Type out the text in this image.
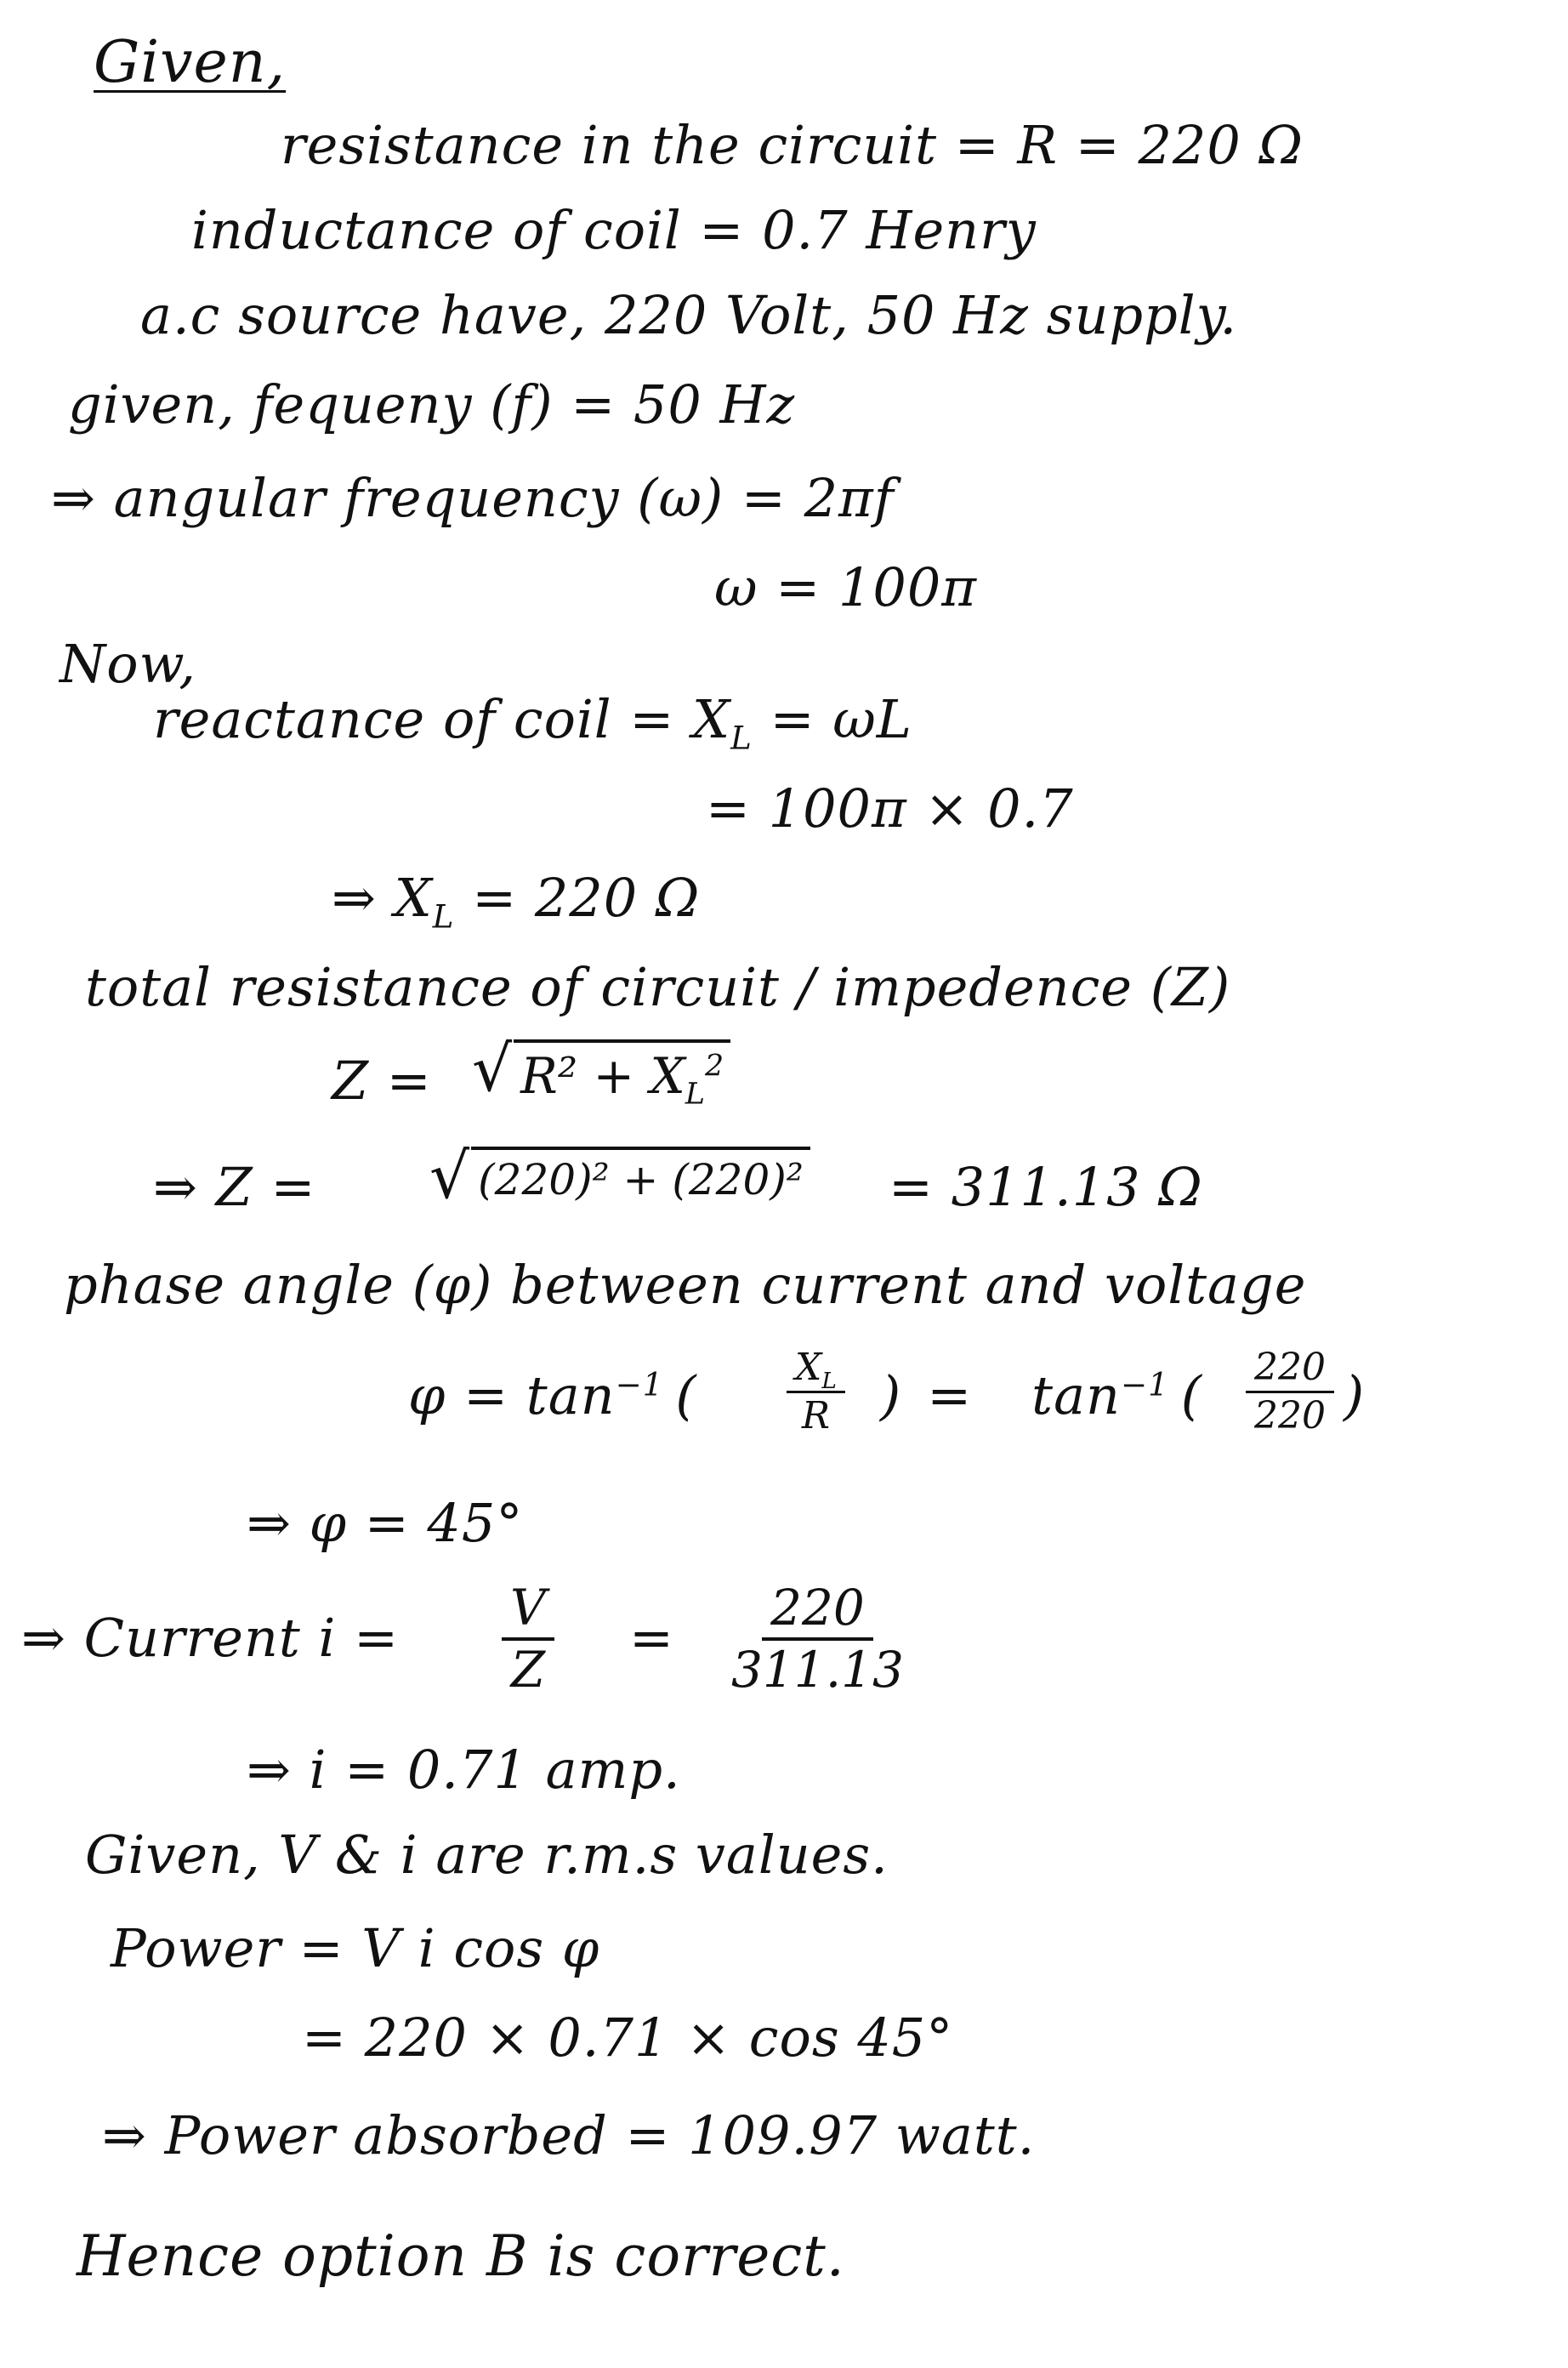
Given,
resistance in the circuit = R = 220 Ω
inductance of coil = 0.7 Henry
a.c source have, 220 Volt, 50 Hz supply.
given, fequeny (f) = 50 Hz
⇒ angular frequency (ω) = 2πf
ω = 100π
Now,
reactance of coil = $X_L = \omega L$
= 100π × 0.7
⇒ $X_L = 220$ Ω
total resistance of circuit / impedence (Z)
Z = √ $R^2 + X_L^2$
⇒ Z = √ (220)² + (220)² = 311.13 Ω
phase angle (φ) between current and voltage
$\varphi = \tan^{-1}$ ( $\frac{X_L}{R}$ ) = $\tan^{-1}$ ( $\frac{220}{220}$ )
⇒ φ = 45°
⇒ Current $i = \frac{V}{Z} = \frac{220}{311.13}$
⇒ i = 0.71 amp.
Given, V & i are r.m.s values.
Power = V i cos φ
= 220 × 0.71 × cos 45°
⇒ Power absorbed = 109.97 watt.
Hence option B is correct.
